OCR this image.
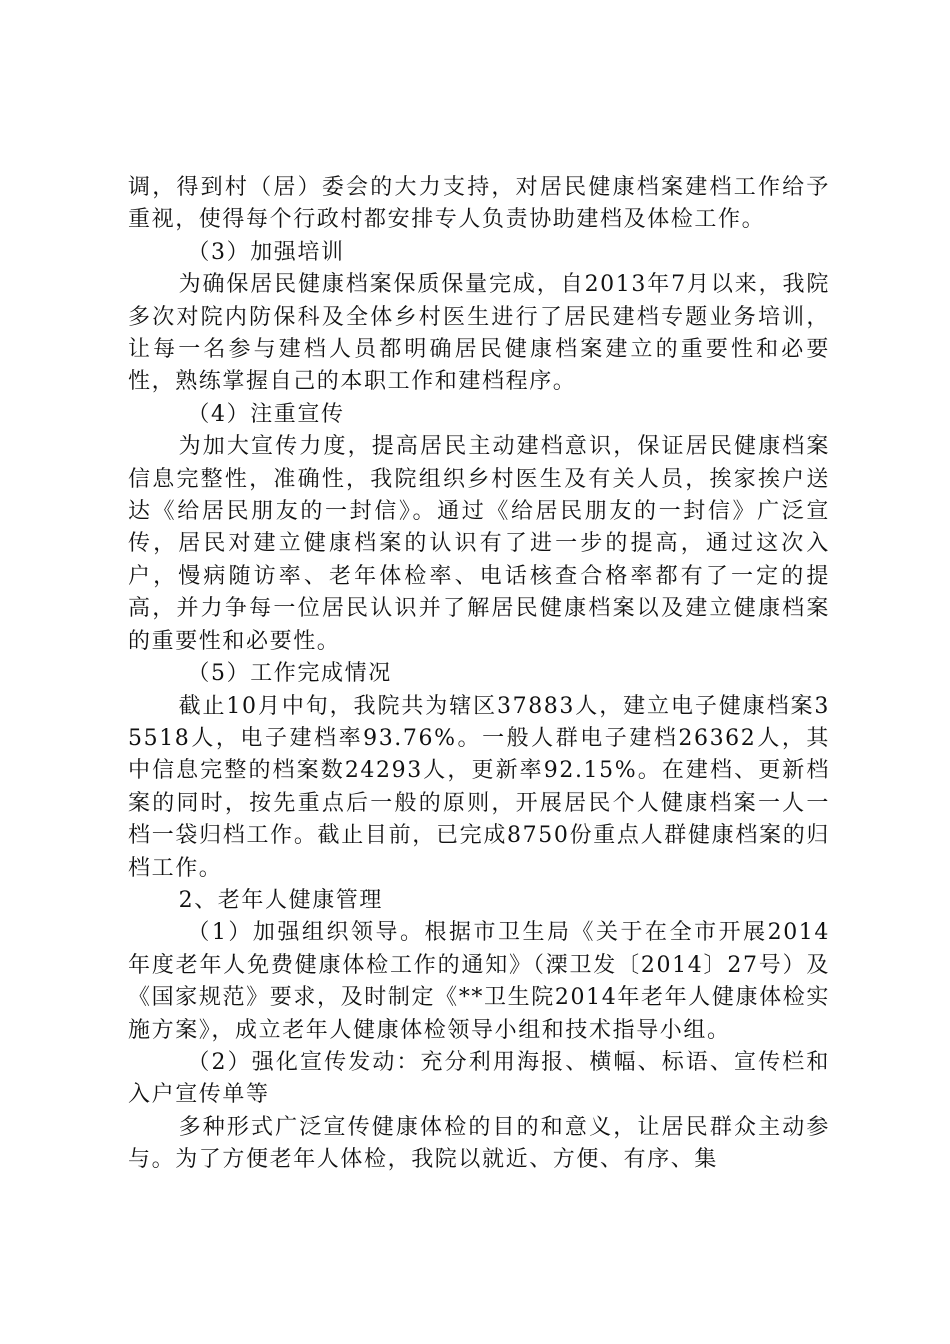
调，得到村（居）委会的大力支持，对居民健康档案建档工作给予重视，使得每个行政村都安排专人负责协助建档及体检工作。

（3）加强培训

为确保居民健康档案保质保量完成，自2013年7月以来，我院多次对院内防保科及全体乡村医生进行了居民建档专题业务培训，让每一名参与建档人员都明确居民健康档案建立的重要性和必要性，熟练掌握自己的本职工作和建档程序。

（4）注重宣传

为加大宣传力度，提高居民主动建档意识，保证居民健康档案信息完整性，准确性，我院组织乡村医生及有关人员，挨家挨户送达《给居民朋友的一封信》。通过《给居民朋友的一封信》广泛宣传，居民对建立健康档案的认识有了进一步的提高，通过这次入户，慢病随访率、老年体检率、电话核查合格率都有了一定的提高，并力争每一位居民认识并了解居民健康档案以及建立健康档案的重要性和必要性。

（5）工作完成情况

截止10月中旬，我院共为辖区37883人，建立电子健康档案35518人，电子建档率93.76%。一般人群电子建档26362人，其中信息完整的档案数24293人，更新率92.15%。在建档、更新档案的同时，按先重点后一般的原则，开展居民个人健康档案一人一档一袋归档工作。截止目前，已完成8750份重点人群健康档案的归档工作。

2、老年人健康管理

（1）加强组织领导。根据市卫生局《关于在全市开展2014年度老年人免费健康体检工作的通知》（溧卫发〔2014〕27号）及《国家规范》要求，及时制定《**卫生院2014年老年人健康体检实施方案》，成立老年人健康体检领导小组和技术指导小组。

（2）强化宣传发动：充分利用海报、横幅、标语、宣传栏和入户宣传单等

多种形式广泛宣传健康体检的目的和意义，让居民群众主动参与。为了方便老年人体检，我院以就近、方便、有序、集
